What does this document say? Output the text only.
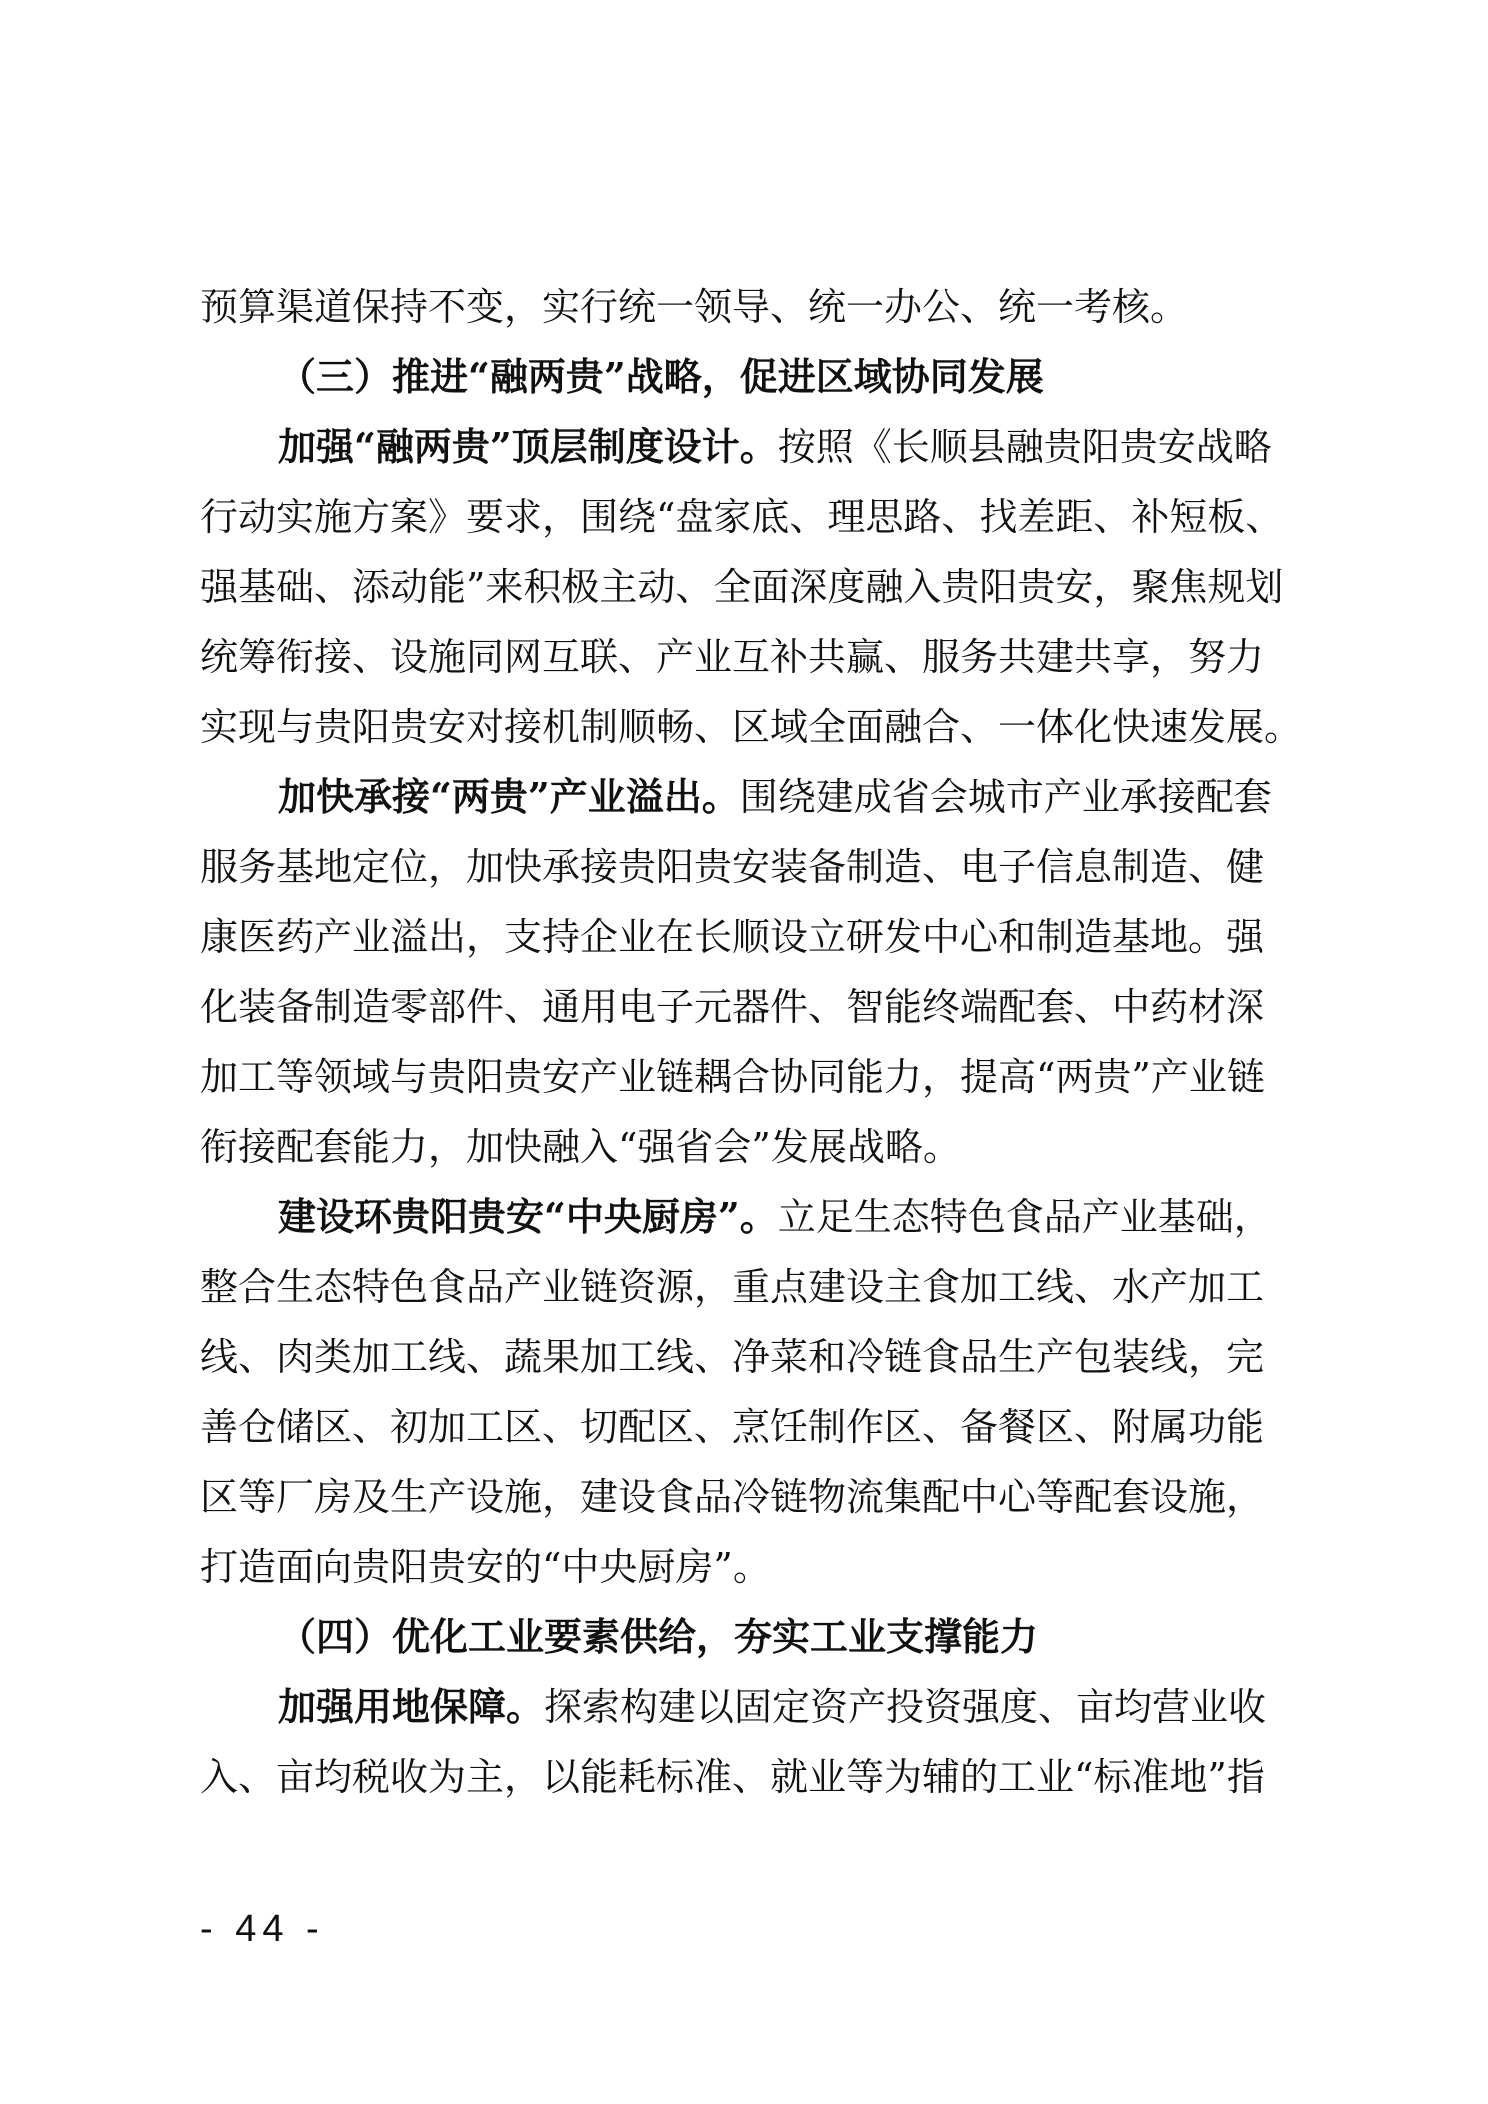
预算渠道保持不变，实行统一领导、统一办公、统一考核。
（三）推进“融两贵”战略，促进区域协同发展
加强“融两贵”顶层制度设计。按照《长顺县融贵阳贵安战略
行动实施方案》要求，围绕“盘家底、理思路、找差距、补短板、
强基础、添动能”来积极主动、全面深度融入贵阳贵安，聚焦规划
统筹衔接、设施同网互联、产业互补共赢、服务共建共享，努力
实现与贵阳贵安对接机制顺畅、区域全面融合、一体化快速发展。
加快承接“两贵”产业溢出。围绕建成省会城市产业承接配套
服务基地定位，加快承接贵阳贵安装备制造、电子信息制造、健
康医药产业溢出，支持企业在长顺设立研发中心和制造基地。强
化装备制造零部件、通用电子元器件、智能终端配套、中药材深
加工等领域与贵阳贵安产业链耦合协同能力，提高“两贵”产业链
衔接配套能力，加快融入“强省会”发展战略。
建设环贵阳贵安“中央厨房”。立足生态特色食品产业基础，
整合生态特色食品产业链资源，重点建设主食加工线、水产加工
线、肉类加工线、蔬果加工线、净菜和冷链食品生产包装线，完
善仓储区、初加工区、切配区、烹饪制作区、备餐区、附属功能
区等厂房及生产设施，建设食品冷链物流集配中心等配套设施，
打造面向贵阳贵安的“中央厨房”。
（四）优化工业要素供给，夯实工业支撑能力
加强用地保障。探索构建以固定资产投资强度、亩均营业收
入、亩均税收为主，以能耗标准、就业等为辅的工业“标准地”指
- 44 -
